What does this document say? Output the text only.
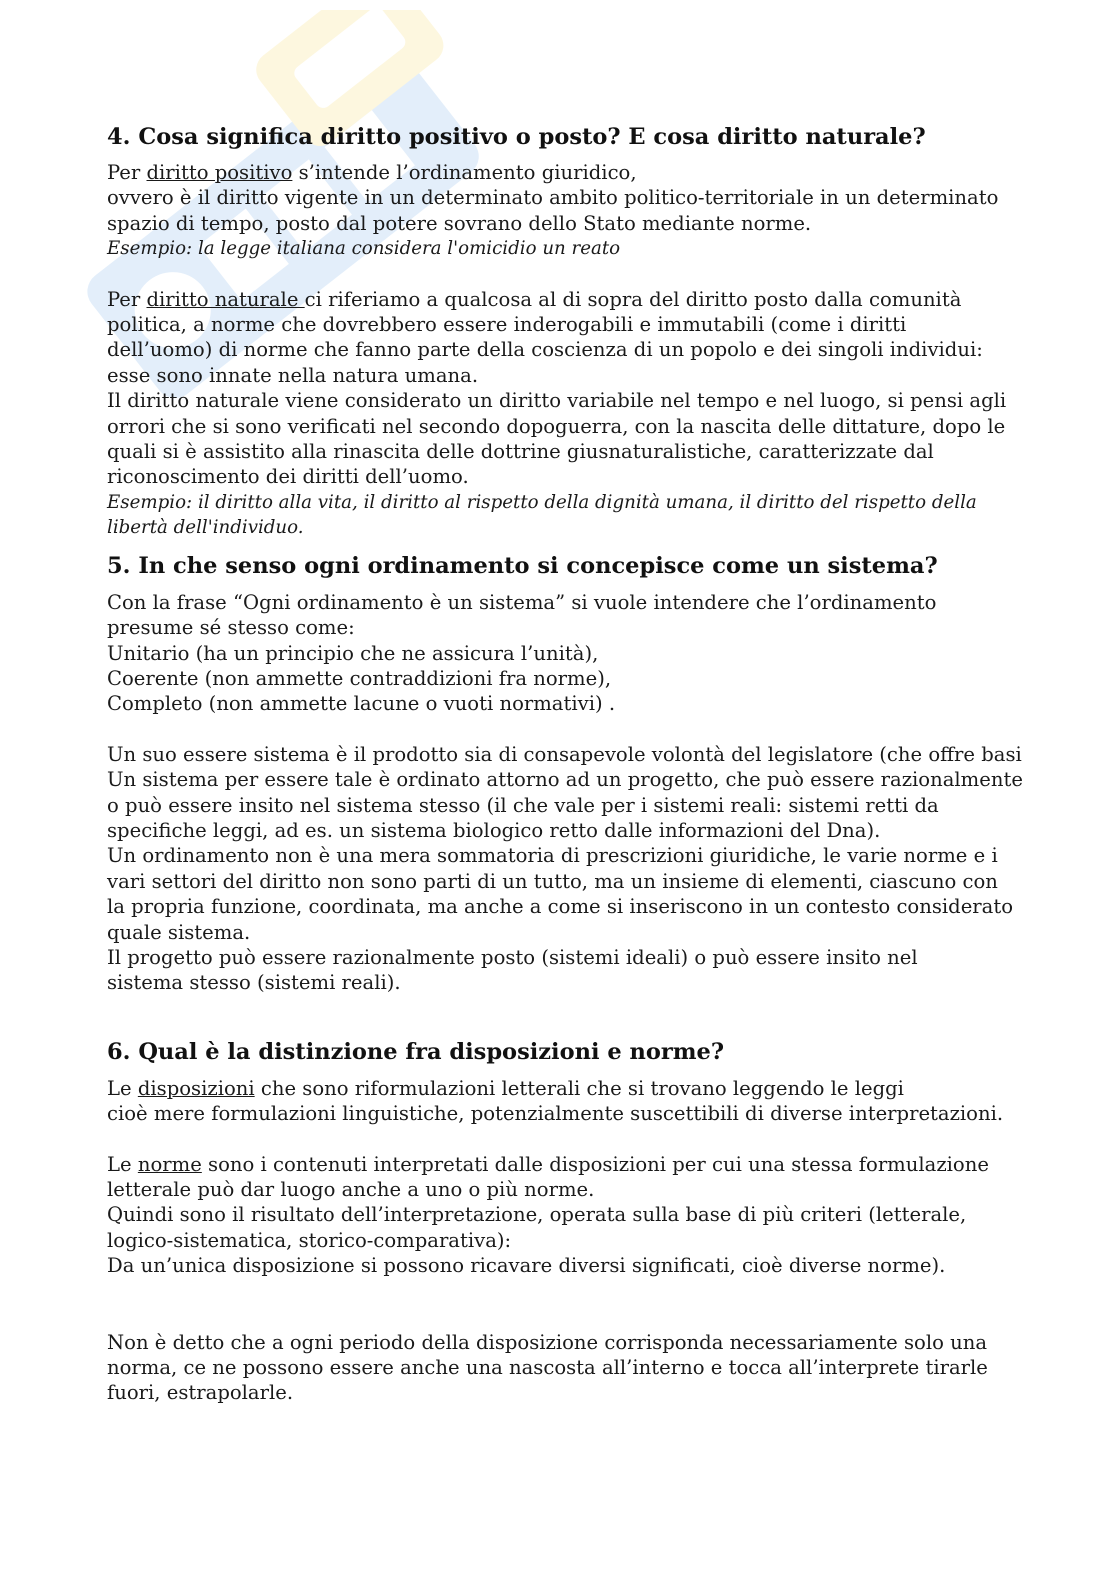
4. Cosa significa diritto positivo o posto? E cosa diritto naturale?
Per diritto positivo s’intende l’ordinamento giuridico,
ovvero è il diritto vigente in un determinato ambito politico-territoriale in un determinato
spazio di tempo, posto dal potere sovrano dello Stato mediante norme.
Esempio: la legge italiana considera l'omicidio un reato
Per diritto naturale ci riferiamo a qualcosa al di sopra del diritto posto dalla comunità
politica, a norme che dovrebbero essere inderogabili e immutabili (come i diritti
dell’uomo) di norme che fanno parte della coscienza di un popolo e dei singoli individui:
esse sono innate nella natura umana.
Il diritto naturale viene considerato un diritto variabile nel tempo e nel luogo, si pensi agli
orrori che si sono verificati nel secondo dopoguerra, con la nascita delle dittature, dopo le
quali si è assistito alla rinascita delle dottrine giusnaturalistiche, caratterizzate dal
riconoscimento dei diritti dell’uomo.
Esempio: il diritto alla vita, il diritto al rispetto della dignità umana, il diritto del rispetto della
libertà dell'individuo.
5. In che senso ogni ordinamento si concepisce come un sistema?
Con la frase “Ogni ordinamento è un sistema” si vuole intendere che l’ordinamento
presume sé stesso come:
Unitario (ha un principio che ne assicura l’unità),
Coerente (non ammette contraddizioni fra norme),
Completo (non ammette lacune o vuoti normativi) .
Un suo essere sistema è il prodotto sia di consapevole volontà del legislatore (che offre basi
Un sistema per essere tale è ordinato attorno ad un progetto, che può essere razionalmente
o può essere insito nel sistema stesso (il che vale per i sistemi reali: sistemi retti da
specifiche leggi, ad es. un sistema biologico retto dalle informazioni del Dna).
Un ordinamento non è una mera sommatoria di prescrizioni giuridiche, le varie norme e i
vari settori del diritto non sono parti di un tutto, ma un insieme di elementi, ciascuno con
la propria funzione, coordinata, ma anche a come si inseriscono in un contesto considerato
quale sistema.
Il progetto può essere razionalmente posto (sistemi ideali) o può essere insito nel
sistema stesso (sistemi reali).
6. Qual è la distinzione fra disposizioni e norme?
Le disposizioni che sono riformulazioni letterali che si trovano leggendo le leggi
cioè mere formulazioni linguistiche, potenzialmente suscettibili di diverse interpretazioni.
Le norme sono i contenuti interpretati dalle disposizioni per cui una stessa formulazione
letterale può dar luogo anche a uno o più norme.
Quindi sono il risultato dell’interpretazione, operata sulla base di più criteri (letterale,
logico-sistematica, storico-comparativa):
Da un’unica disposizione si possono ricavare diversi significati, cioè diverse norme).
Non è detto che a ogni periodo della disposizione corrisponda necessariamente solo una
norma, ce ne possono essere anche una nascosta all’interno e tocca all’interprete tirarle
fuori, estrapolarle.
